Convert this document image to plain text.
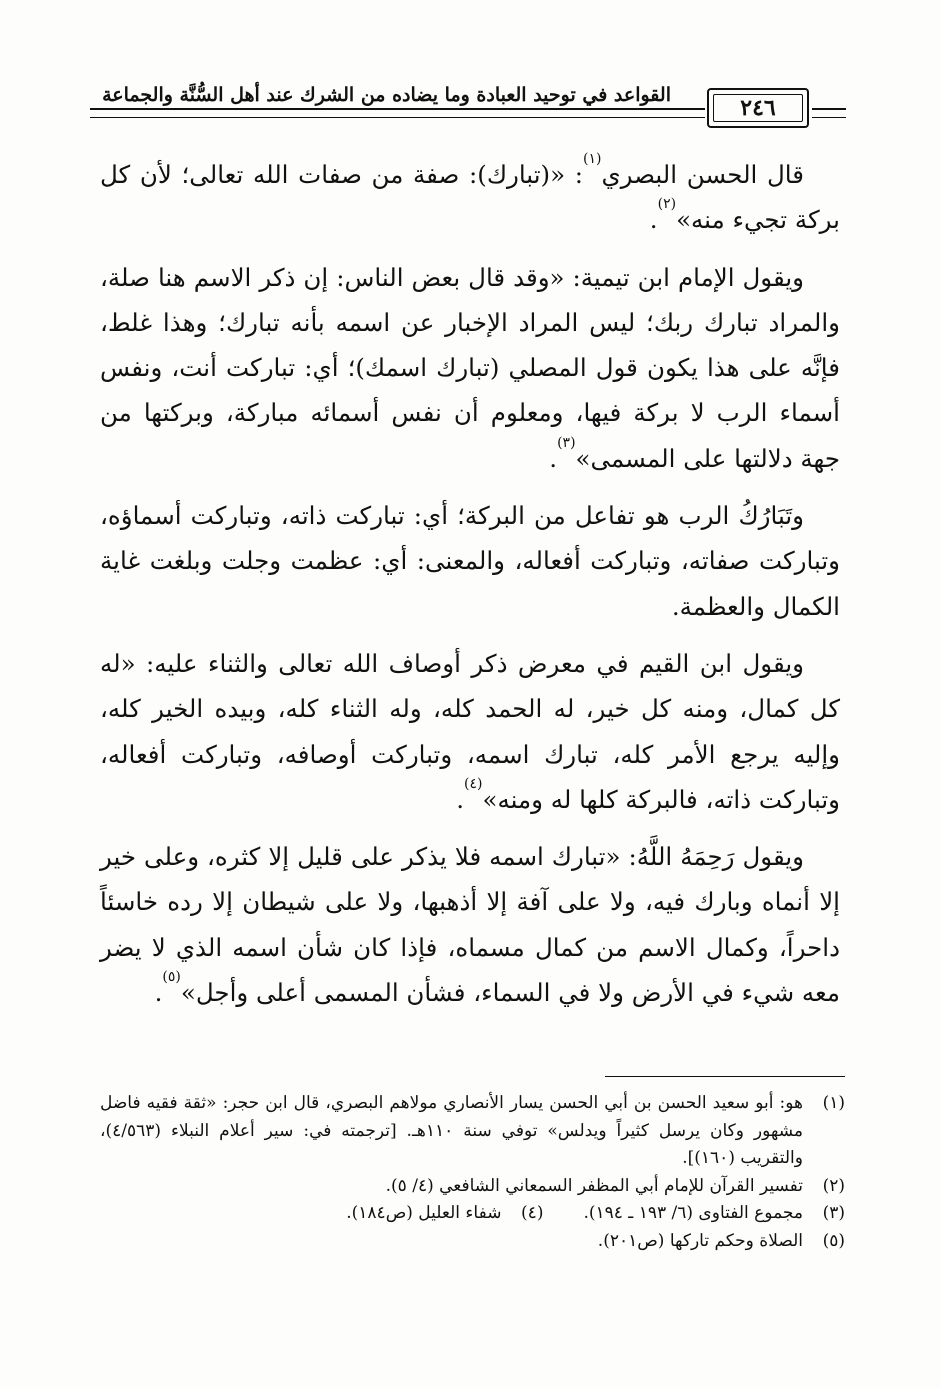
القواعد في توحيد العبادة وما يضاده من الشرك عند أهل السُّنَّة والجماعة	٢٤٦

قال الحسن البصري$^{(١)}$: «(تبارك): صفة من صفات الله تعالى؛ لأن كل بركة تجيء منه»$^{(٢)}$.

ويقول الإمام ابن تيمية: «وقد قال بعض الناس: إن ذكر الاسم هنا صلة، والمراد تبارك ربك؛ ليس المراد الإخبار عن اسمه بأنه تبارك؛ وهذا غلط، فإنَّه على هذا يكون قول المصلي (تبارك اسمك)؛ أي: تباركت أنت، ونفس أسماء الرب لا بركة فيها، ومعلوم أن نفس أسمائه مباركة، وبركتها من جهة دلالتها على المسمى»$^{(٣)}$.

وتَبَارُكُ الرب هو تفاعل من البركة؛ أي: تباركت ذاته، وتباركت أسماؤه، وتباركت صفاته، وتباركت أفعاله، والمعنى: أي: عظمت وجلت وبلغت غاية الكمال والعظمة.

ويقول ابن القيم في معرض ذكر أوصاف الله تعالى والثناء عليه: «له كل كمال، ومنه كل خير، له الحمد كله، وله الثناء كله، وبيده الخير كله، وإليه يرجع الأمر كله، تبارك اسمه، وتباركت أوصافه، وتباركت أفعاله، وتباركت ذاته، فالبركة كلها له ومنه»$^{(٤)}$.

ويقول رَحِمَهُ اللَّهُ: «تبارك اسمه فلا يذكر على قليل إلا كثره، وعلى خير إلا أنماه وبارك فيه، ولا على آفة إلا أذهبها، ولا على شيطان إلا رده خاسئاً داحراً، وكمال الاسم من كمال مسماه، فإذا كان شأن اسمه الذي لا يضر معه شيء في الأرض ولا في السماء، فشأن المسمى أعلى وأجل»$^{(٥)}$.

(١)
هو: أبو سعيد الحسن بن أبي الحسن يسار الأنصاري مولاهم البصري، قال ابن حجر: «ثقة فقيه فاضل مشهور وكان يرسل كثيراً ويدلس» توفي سنة ١١٠هـ. [ترجمته في: سير أعلام النبلاء (٤/٥٦٣)، والتقريب (١٦٠)].
(٢)
تفسير القرآن للإمام أبي المظفر السمعاني الشافعي (٤/ ٥).
(٣)
مجموع الفتاوى (٦/ ١٩٣ ـ ١٩٤).
(٤)
شفاء العليل (ص١٨٤).
(٥)
الصلاة وحكم تاركها (ص٢٠١).
